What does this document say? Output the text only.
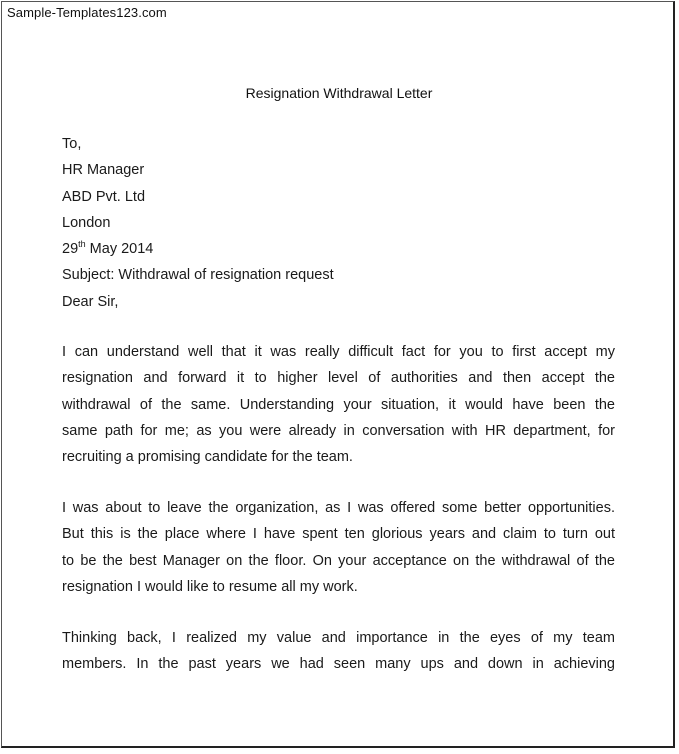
Sample-Templates123.com
Resignation Withdrawal Letter
To,
HR Manager
ABD Pvt. Ltd
London
29th May 2014
Subject: Withdrawal of resignation request
Dear Sir,
I can understand well that it was really difficult fact for you to first accept my
resignation and forward it to higher level of authorities and then accept the
withdrawal of the same. Understanding your situation, it would have been the
same path for me; as you were already in conversation with HR department, for
recruiting a promising candidate for the team.
I was about to leave the organization, as I was offered some better opportunities.
But this is the place where I have spent ten glorious years and claim to turn out
to be the best Manager on the floor. On your acceptance on the withdrawal of the
resignation I would like to resume all my work.
Thinking back, I realized my value and importance in the eyes of my team
members. In the past years we had seen many ups and down in achieving
